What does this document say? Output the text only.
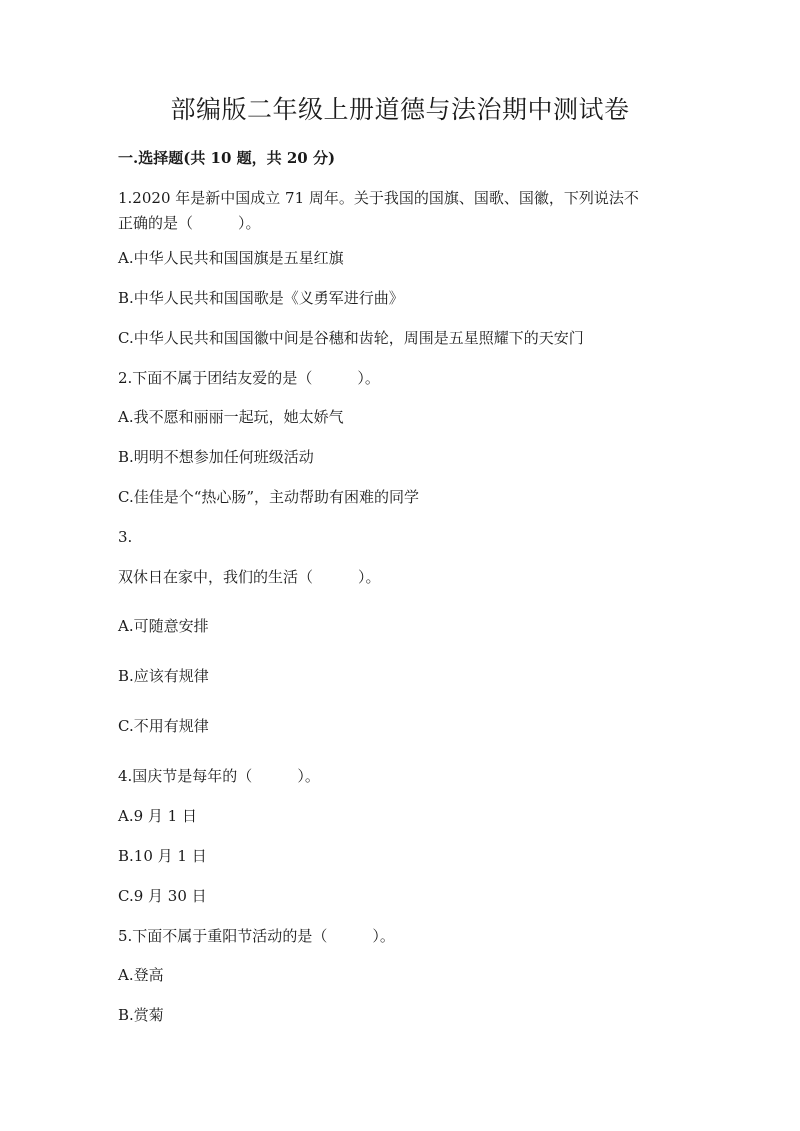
部编版二年级上册道德与法治期中测试卷
一.选择题(共 10 题，共 20 分)
1.2020 年是新中国成立 71 周年。关于我国的国旗、国歌、国徽，下列说法不
正确的是（　　　）。
A.中华人民共和国国旗是五星红旗
B.中华人民共和国国歌是《义勇军进行曲》
C.中华人民共和国国徽中间是谷穗和齿轮，周围是五星照耀下的天安门
2.下面不属于团结友爱的是（　　　）。
A.我不愿和丽丽一起玩，她太娇气
B.明明不想参加任何班级活动
C.佳佳是个“热心肠”，主动帮助有困难的同学
3.
双休日在家中，我们的生活（　　　）。
A.可随意安排
B.应该有规律
C.不用有规律
4.国庆节是每年的（　　　）。
A.9 月 1 日
B.10 月 1 日
C.9 月 30 日
5.下面不属于重阳节活动的是（　　　）。
A.登高
B.赏菊
